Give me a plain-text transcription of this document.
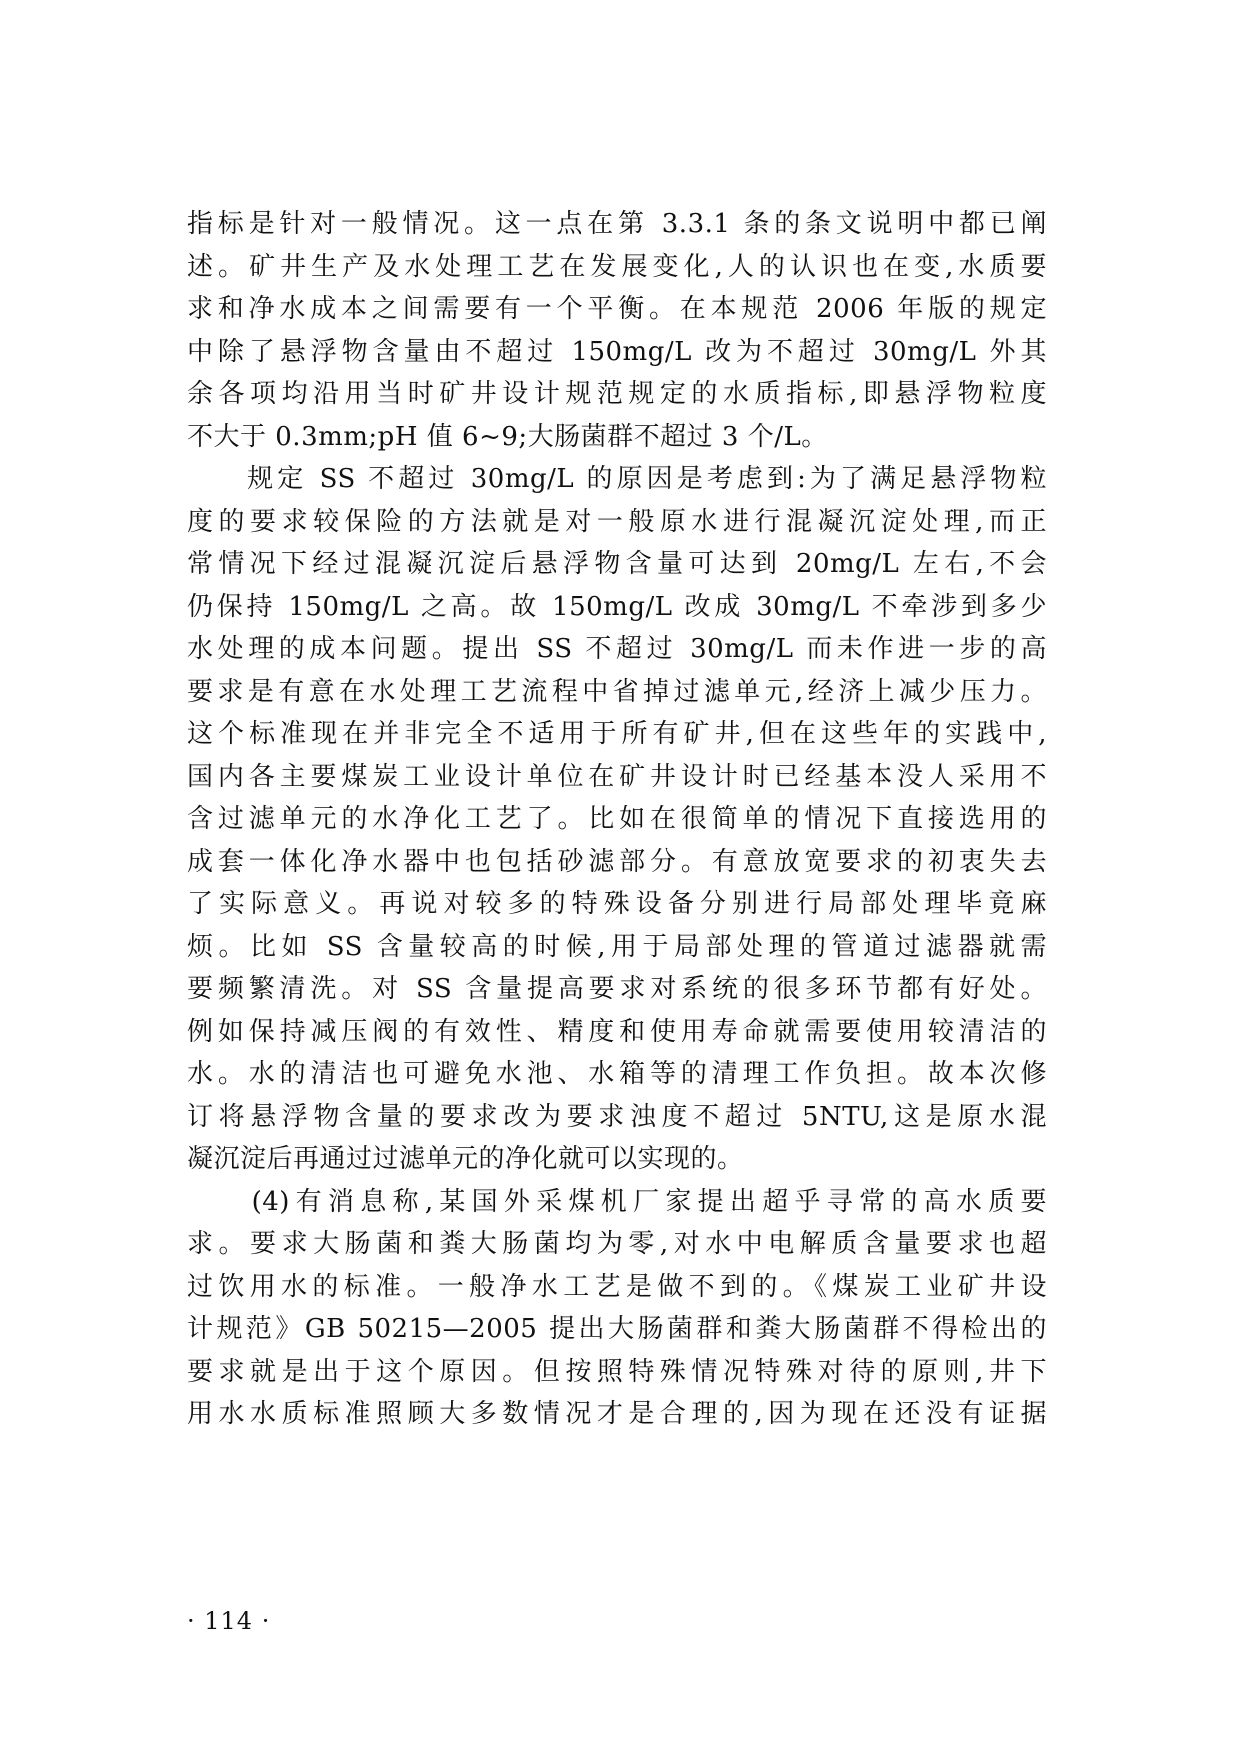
指标是针对一般情况。这一点在第 3.3.1 条的条文说明中都已阐
述。矿井生产及水处理工艺在发展变化,人的认识也在变,水质要
求和净水成本之间需要有一个平衡。在本规范 2006 年版的规定
中除了悬浮物含量由不超过 150mg/L 改为不超过 30mg/L 外其
余各项均沿用当时矿井设计规范规定的水质指标,即悬浮物粒度
不大于 0.3mm;pH 值 6~9;大肠菌群不超过 3 个/L。
　　规定 SS 不超过 30mg/L 的原因是考虑到:为了满足悬浮物粒
度的要求较保险的方法就是对一般原水进行混凝沉淀处理,而正
常情况下经过混凝沉淀后悬浮物含量可达到 20mg/L 左右,不会
仍保持 150mg/L 之高。故 150mg/L 改成 30mg/L 不牵涉到多少
水处理的成本问题。提出 SS 不超过 30mg/L 而未作进一步的高
要求是有意在水处理工艺流程中省掉过滤单元,经济上减少压力。
这个标准现在并非完全不适用于所有矿井,但在这些年的实践中,
国内各主要煤炭工业设计单位在矿井设计时已经基本没人采用不
含过滤单元的水净化工艺了。比如在很简单的情况下直接选用的
成套一体化净水器中也包括砂滤部分。有意放宽要求的初衷失去
了实际意义。再说对较多的特殊设备分别进行局部处理毕竟麻
烦。比如 SS 含量较高的时候,用于局部处理的管道过滤器就需
要频繁清洗。对 SS 含量提高要求对系统的很多环节都有好处。
例如保持减压阀的有效性、精度和使用寿命就需要使用较清洁的
水。水的清洁也可避免水池、水箱等的清理工作负担。故本次修
订将悬浮物含量的要求改为要求浊度不超过 5NTU,这是原水混
凝沉淀后再通过过滤单元的净化就可以实现的。
　　(4)有消息称,某国外采煤机厂家提出超乎寻常的高水质要
求。要求大肠菌和粪大肠菌均为零,对水中电解质含量要求也超
过饮用水的标准。一般净水工艺是做不到的。《煤炭工业矿井设
计规范》GB 50215—2005 提出大肠菌群和粪大肠菌群不得检出的
要求就是出于这个原因。但按照特殊情况特殊对待的原则,井下
用水水质标准照顾大多数情况才是合理的,因为现在还没有证据
· 114 ·
